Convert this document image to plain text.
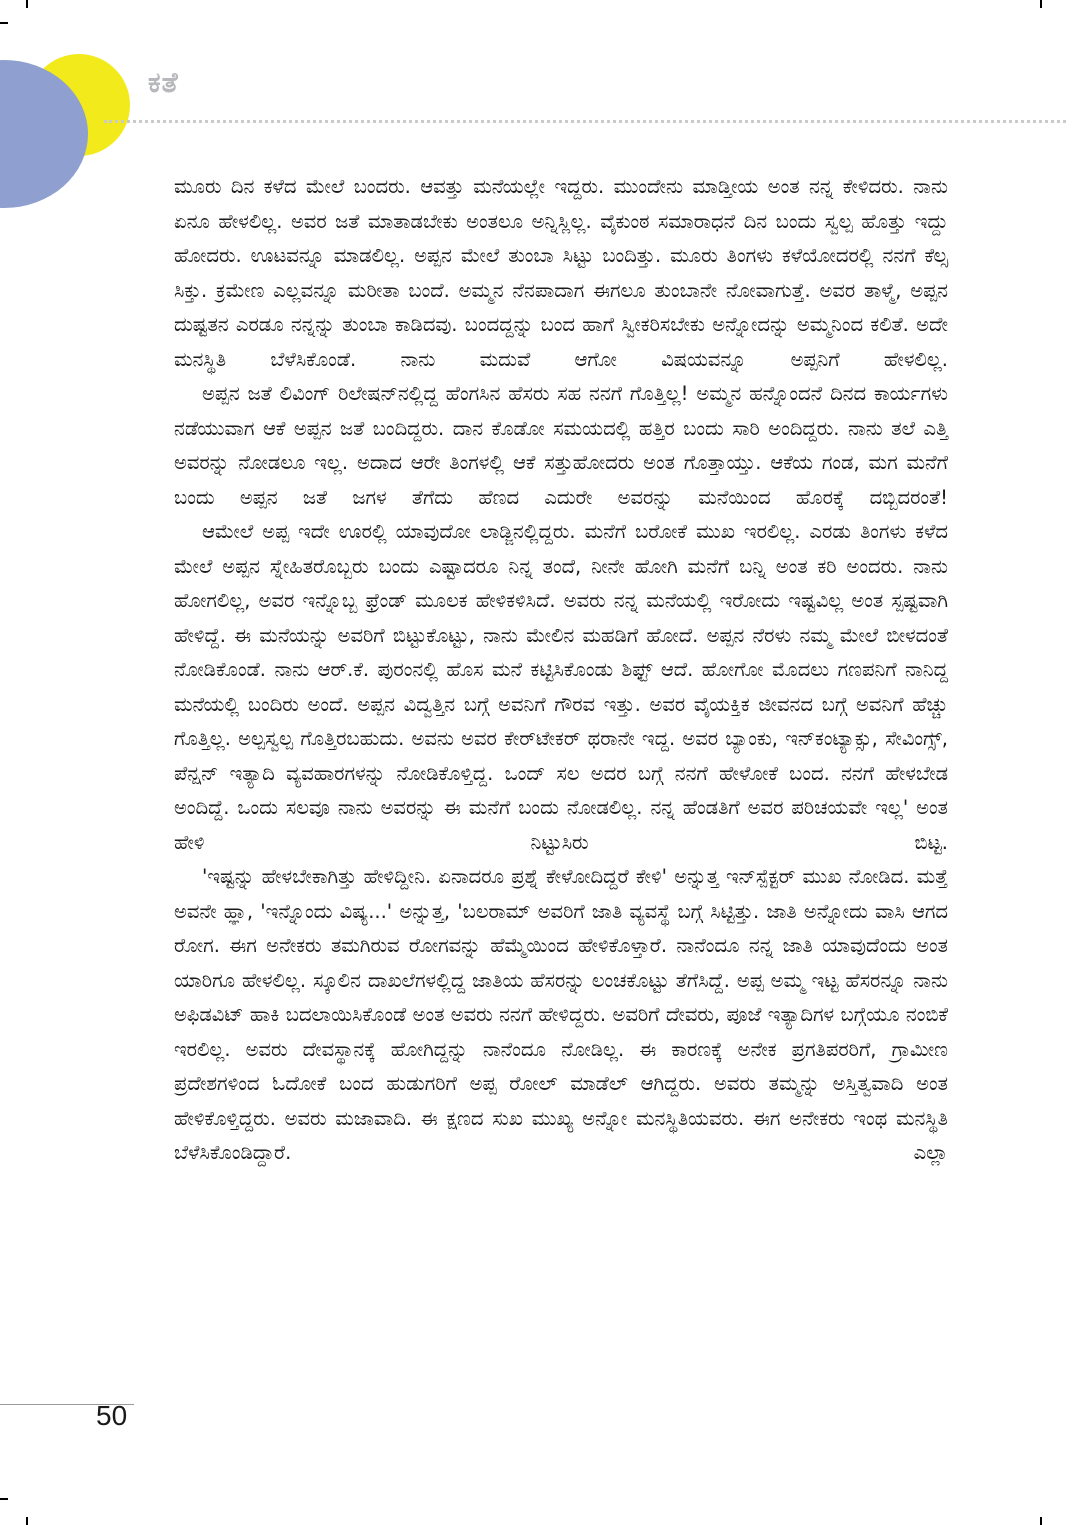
ಕತೆ

ಮೂರು ದಿನ ಕಳೆದ ಮೇಲೆ ಬಂದರು. ಆವತ್ತು ಮನೆಯಲ್ಲೇ ಇದ್ದರು. ಮುಂದೇನು ಮಾಡ್ತೀಯ ಅಂತ ನನ್ನ ಕೇಳಿದರು. ನಾನು ಏನೂ ಹೇಳಲಿಲ್ಲ. ಅವರ ಜತೆ ಮಾತಾಡಬೇಕು ಅಂತಲೂ ಅನ್ನಿಸ್ಲಿಲ್ಲ. ವೈಕುಂಠ ಸಮಾರಾಧನೆ ದಿನ ಬಂದು ಸ್ವಲ್ಪ ಹೊತ್ತು ಇದ್ದು ಹೋದರು. ಊಟವನ್ನೂ ಮಾಡಲಿಲ್ಲ. ಅಪ್ಪನ ಮೇಲೆ ತುಂಬಾ ಸಿಟ್ಟು ಬಂದಿತ್ತು. ಮೂರು ತಿಂಗಳು ಕಳೆಯೋದರಲ್ಲಿ ನನಗೆ ಕೆಲ್ಸ ಸಿಕ್ತು. ಕ್ರಮೇಣ ಎಲ್ಲವನ್ನೂ ಮರೀತಾ ಬಂದೆ. ಅಮ್ಮನ ನೆನಪಾದಾಗ ಈಗಲೂ ತುಂಬಾನೇ ನೋವಾಗುತ್ತೆ. ಅವರ ತಾಳ್ಮೆ, ಅಪ್ಪನ ದುಷ್ಟತನ ಎರಡೂ ನನ್ನನ್ನು ತುಂಬಾ ಕಾಡಿದವು. ಬಂದದ್ದನ್ನು ಬಂದ ಹಾಗೆ ಸ್ವೀಕರಿಸಬೇಕು ಅನ್ನೋದನ್ನು ಅಮ್ಮನಿಂದ ಕಲಿತೆ. ಅದೇ ಮನಸ್ಥಿತಿ ಬೆಳೆಸಿಕೊಂಡೆ. ನಾನು ಮದುವೆ ಆಗೋ ವಿಷಯವನ್ನೂ ಅಪ್ಪನಿಗೆ ಹೇಳಲಿಲ್ಲ.

ಅಪ್ಪನ ಜತೆ ಲಿವಿಂಗ್ ರಿಲೇಷನ್‌ನಲ್ಲಿದ್ದ ಹೆಂಗಸಿನ ಹೆಸರು ಸಹ ನನಗೆ ಗೊತ್ತಿಲ್ಲ! ಅಮ್ಮನ ಹನ್ನೊಂದನೆ ದಿನದ ಕಾರ್ಯಗಳು ನಡೆಯುವಾಗ ಆಕೆ ಅಪ್ಪನ ಜತೆ ಬಂದಿದ್ದರು. ದಾನ ಕೊಡೋ ಸಮಯದಲ್ಲಿ ಹತ್ತಿರ ಬಂದು ಸಾರಿ ಅಂದಿದ್ದರು. ನಾನು ತಲೆ ಎತ್ತಿ ಅವರನ್ನು ನೋಡಲೂ ಇಲ್ಲ. ಅದಾದ ಆರೇ ತಿಂಗಳಲ್ಲಿ ಆಕೆ ಸತ್ತುಹೋದರು ಅಂತ ಗೊತ್ತಾಯ್ತು. ಆಕೆಯ ಗಂಡ, ಮಗ ಮನೆಗೆ ಬಂದು ಅಪ್ಪನ ಜತೆ ಜಗಳ ತೆಗೆದು ಹೆಣದ ಎದುರೇ ಅವರನ್ನು ಮನೆಯಿಂದ ಹೊರಕ್ಕೆ ದಬ್ಬಿದರಂತೆ!

ಆಮೇಲೆ ಅಪ್ಪ ಇದೇ ಊರಲ್ಲಿ ಯಾವುದೋ ಲಾಡ್ಜಿನಲ್ಲಿದ್ದರು. ಮನೆಗೆ ಬರೋಕೆ ಮುಖ ಇರಲಿಲ್ಲ. ಎರಡು ತಿಂಗಳು ಕಳೆದ ಮೇಲೆ ಅಪ್ಪನ ಸ್ನೇಹಿತರೊಬ್ಬರು ಬಂದು ಎಷ್ಟಾದರೂ ನಿನ್ನ ತಂದೆ, ನೀನೇ ಹೋಗಿ ಮನೆಗೆ ಬನ್ನಿ ಅಂತ ಕರಿ ಅಂದರು. ನಾನು ಹೋಗಲಿಲ್ಲ, ಅವರ ಇನ್ನೊಬ್ಬ ಫ್ರೆಂಡ್ ಮೂಲಕ ಹೇಳಿಕಳಿಸಿದೆ. ಅವರು ನನ್ನ ಮನೆಯಲ್ಲಿ ಇರೋದು ಇಷ್ಟವಿಲ್ಲ ಅಂತ ಸ್ಪಷ್ಟವಾಗಿ ಹೇಳಿದ್ದೆ. ಈ ಮನೆಯನ್ನು ಅವರಿಗೆ ಬಿಟ್ಟುಕೊಟ್ಟು, ನಾನು ಮೇಲಿನ ಮಹಡಿಗೆ ಹೋದೆ. ಅಪ್ಪನ ನೆರಳು ನಮ್ಮ ಮೇಲೆ ಬೀಳದಂತೆ ನೋಡಿಕೊಂಡೆ. ನಾನು ಆರ್.ಕೆ. ಪುರಂನಲ್ಲಿ ಹೊಸ ಮನೆ ಕಟ್ಟಿಸಿಕೊಂಡು ಶಿಫ್ಟ್ ಆದೆ. ಹೋಗೋ ಮೊದಲು ಗಣಪನಿಗೆ ನಾನಿದ್ದ ಮನೆಯಲ್ಲಿ ಬಂದಿರು ಅಂದೆ. ಅಪ್ಪನ ವಿದ್ವತ್ತಿನ ಬಗ್ಗೆ ಅವನಿಗೆ ಗೌರವ ಇತ್ತು. ಅವರ ವೈಯಕ್ತಿಕ ಜೀವನದ ಬಗ್ಗೆ ಅವನಿಗೆ ಹೆಚ್ಚು ಗೊತ್ತಿಲ್ಲ. ಅಲ್ಪಸ್ವಲ್ಪ ಗೊತ್ತಿರಬಹುದು. ಅವನು ಅವರ ಕೇರ್‌ಟೇಕರ್ ಥರಾನೇ ಇದ್ದ. ಅವರ ಬ್ಯಾಂಕು, ಇನ್‌ಕಂಟ್ಯಾಕ್ಸು, ಸೇವಿಂಗ್ಸ್, ಪೆನ್ಷನ್ ಇತ್ಯಾದಿ ವ್ಯವಹಾರಗಳನ್ನು ನೋಡಿಕೊಳ್ತಿದ್ದ. ಒಂದ್ ಸಲ ಅದರ ಬಗ್ಗೆ ನನಗೆ ಹೇಳೋಕೆ ಬಂದ. ನನಗೆ ಹೇಳಬೇಡ ಅಂದಿದ್ದೆ. ಒಂದು ಸಲವೂ ನಾನು ಅವರನ್ನು ಈ ಮನೆಗೆ ಬಂದು ನೋಡಲಿಲ್ಲ. ನನ್ನ ಹೆಂಡತಿಗೆ ಅವರ ಪರಿಚಯವೇ ಇಲ್ಲ' ಅಂತ ಹೇಳಿ ನಿಟ್ಟುಸಿರು ಬಿಟ್ಟ.

'ಇಷ್ಟನ್ನು ಹೇಳಬೇಕಾಗಿತ್ತು ಹೇಳಿದ್ದೀನಿ. ಏನಾದರೂ ಪ್ರಶ್ನೆ ಕೇಳೋದಿದ್ದರೆ ಕೇಳಿ' ಅನ್ನುತ್ತ ಇನ್‌ಸ್ಪೆಕ್ಟರ್ ಮುಖ ನೋಡಿದ. ಮತ್ತೆ ಅವನೇ ಹ್ಞಾ, 'ಇನ್ನೊಂದು ವಿಷ್ಯ...' ಅನ್ನುತ್ತ, 'ಬಲರಾಮ್ ಅವರಿಗೆ ಜಾತಿ ವ್ಯವಸ್ಥೆ ಬಗ್ಗೆ ಸಿಟ್ಟಿತ್ತು. ಜಾತಿ ಅನ್ನೋದು ವಾಸಿ ಆಗದ ರೋಗ. ಈಗ ಅನೇಕರು ತಮಗಿರುವ ರೋಗವನ್ನು ಹೆಮ್ಮೆಯಿಂದ ಹೇಳಿಕೊಳ್ತಾರೆ. ನಾನೆಂದೂ ನನ್ನ ಜಾತಿ ಯಾವುದೆಂದು ಅಂತ ಯಾರಿಗೂ ಹೇಳಲಿಲ್ಲ. ಸ್ಕೂಲಿನ ದಾಖಲೆಗಳಲ್ಲಿದ್ದ ಜಾತಿಯ ಹೆಸರನ್ನು ಲಂಚಕೊಟ್ಟು ತೆಗೆಸಿದ್ದೆ. ಅಪ್ಪ ಅಮ್ಮ ಇಟ್ಟ ಹೆಸರನ್ನೂ ನಾನು ಅಫಿಡವಿಟ್ ಹಾಕಿ ಬದಲಾಯಿಸಿಕೊಂಡೆ ಅಂತ ಅವರು ನನಗೆ ಹೇಳಿದ್ದರು. ಅವರಿಗೆ ದೇವರು, ಪೂಜೆ ಇತ್ಯಾದಿಗಳ ಬಗ್ಗೆಯೂ ನಂಬಿಕೆ ಇರಲಿಲ್ಲ. ಅವರು ದೇವಸ್ಥಾನಕ್ಕೆ ಹೋಗಿದ್ದನ್ನು ನಾನೆಂದೂ ನೋಡಿಲ್ಲ. ಈ ಕಾರಣಕ್ಕೆ ಅನೇಕ ಪ್ರಗತಿಪರರಿಗೆ, ಗ್ರಾಮೀಣ ಪ್ರದೇಶಗಳಿಂದ ಓದೋಕೆ ಬಂದ ಹುಡುಗರಿಗೆ ಅಪ್ಪ ರೋಲ್ ಮಾಡೆಲ್ ಆಗಿದ್ದರು. ಅವರು ತಮ್ಮನ್ನು ಅಸ್ತಿತ್ವವಾದಿ ಅಂತ ಹೇಳಿಕೊಳ್ತಿದ್ದರು. ಅವರು ಮಜಾವಾದಿ. ಈ ಕ್ಷಣದ ಸುಖ ಮುಖ್ಯ ಅನ್ನೋ ಮನಸ್ಥಿತಿಯವರು. ಈಗ ಅನೇಕರು ಇಂಥ ಮನಸ್ಥಿತಿ ಬೆಳೆಸಿಕೊಂಡಿದ್ದಾರೆ. ಎಲ್ಲಾ

50
